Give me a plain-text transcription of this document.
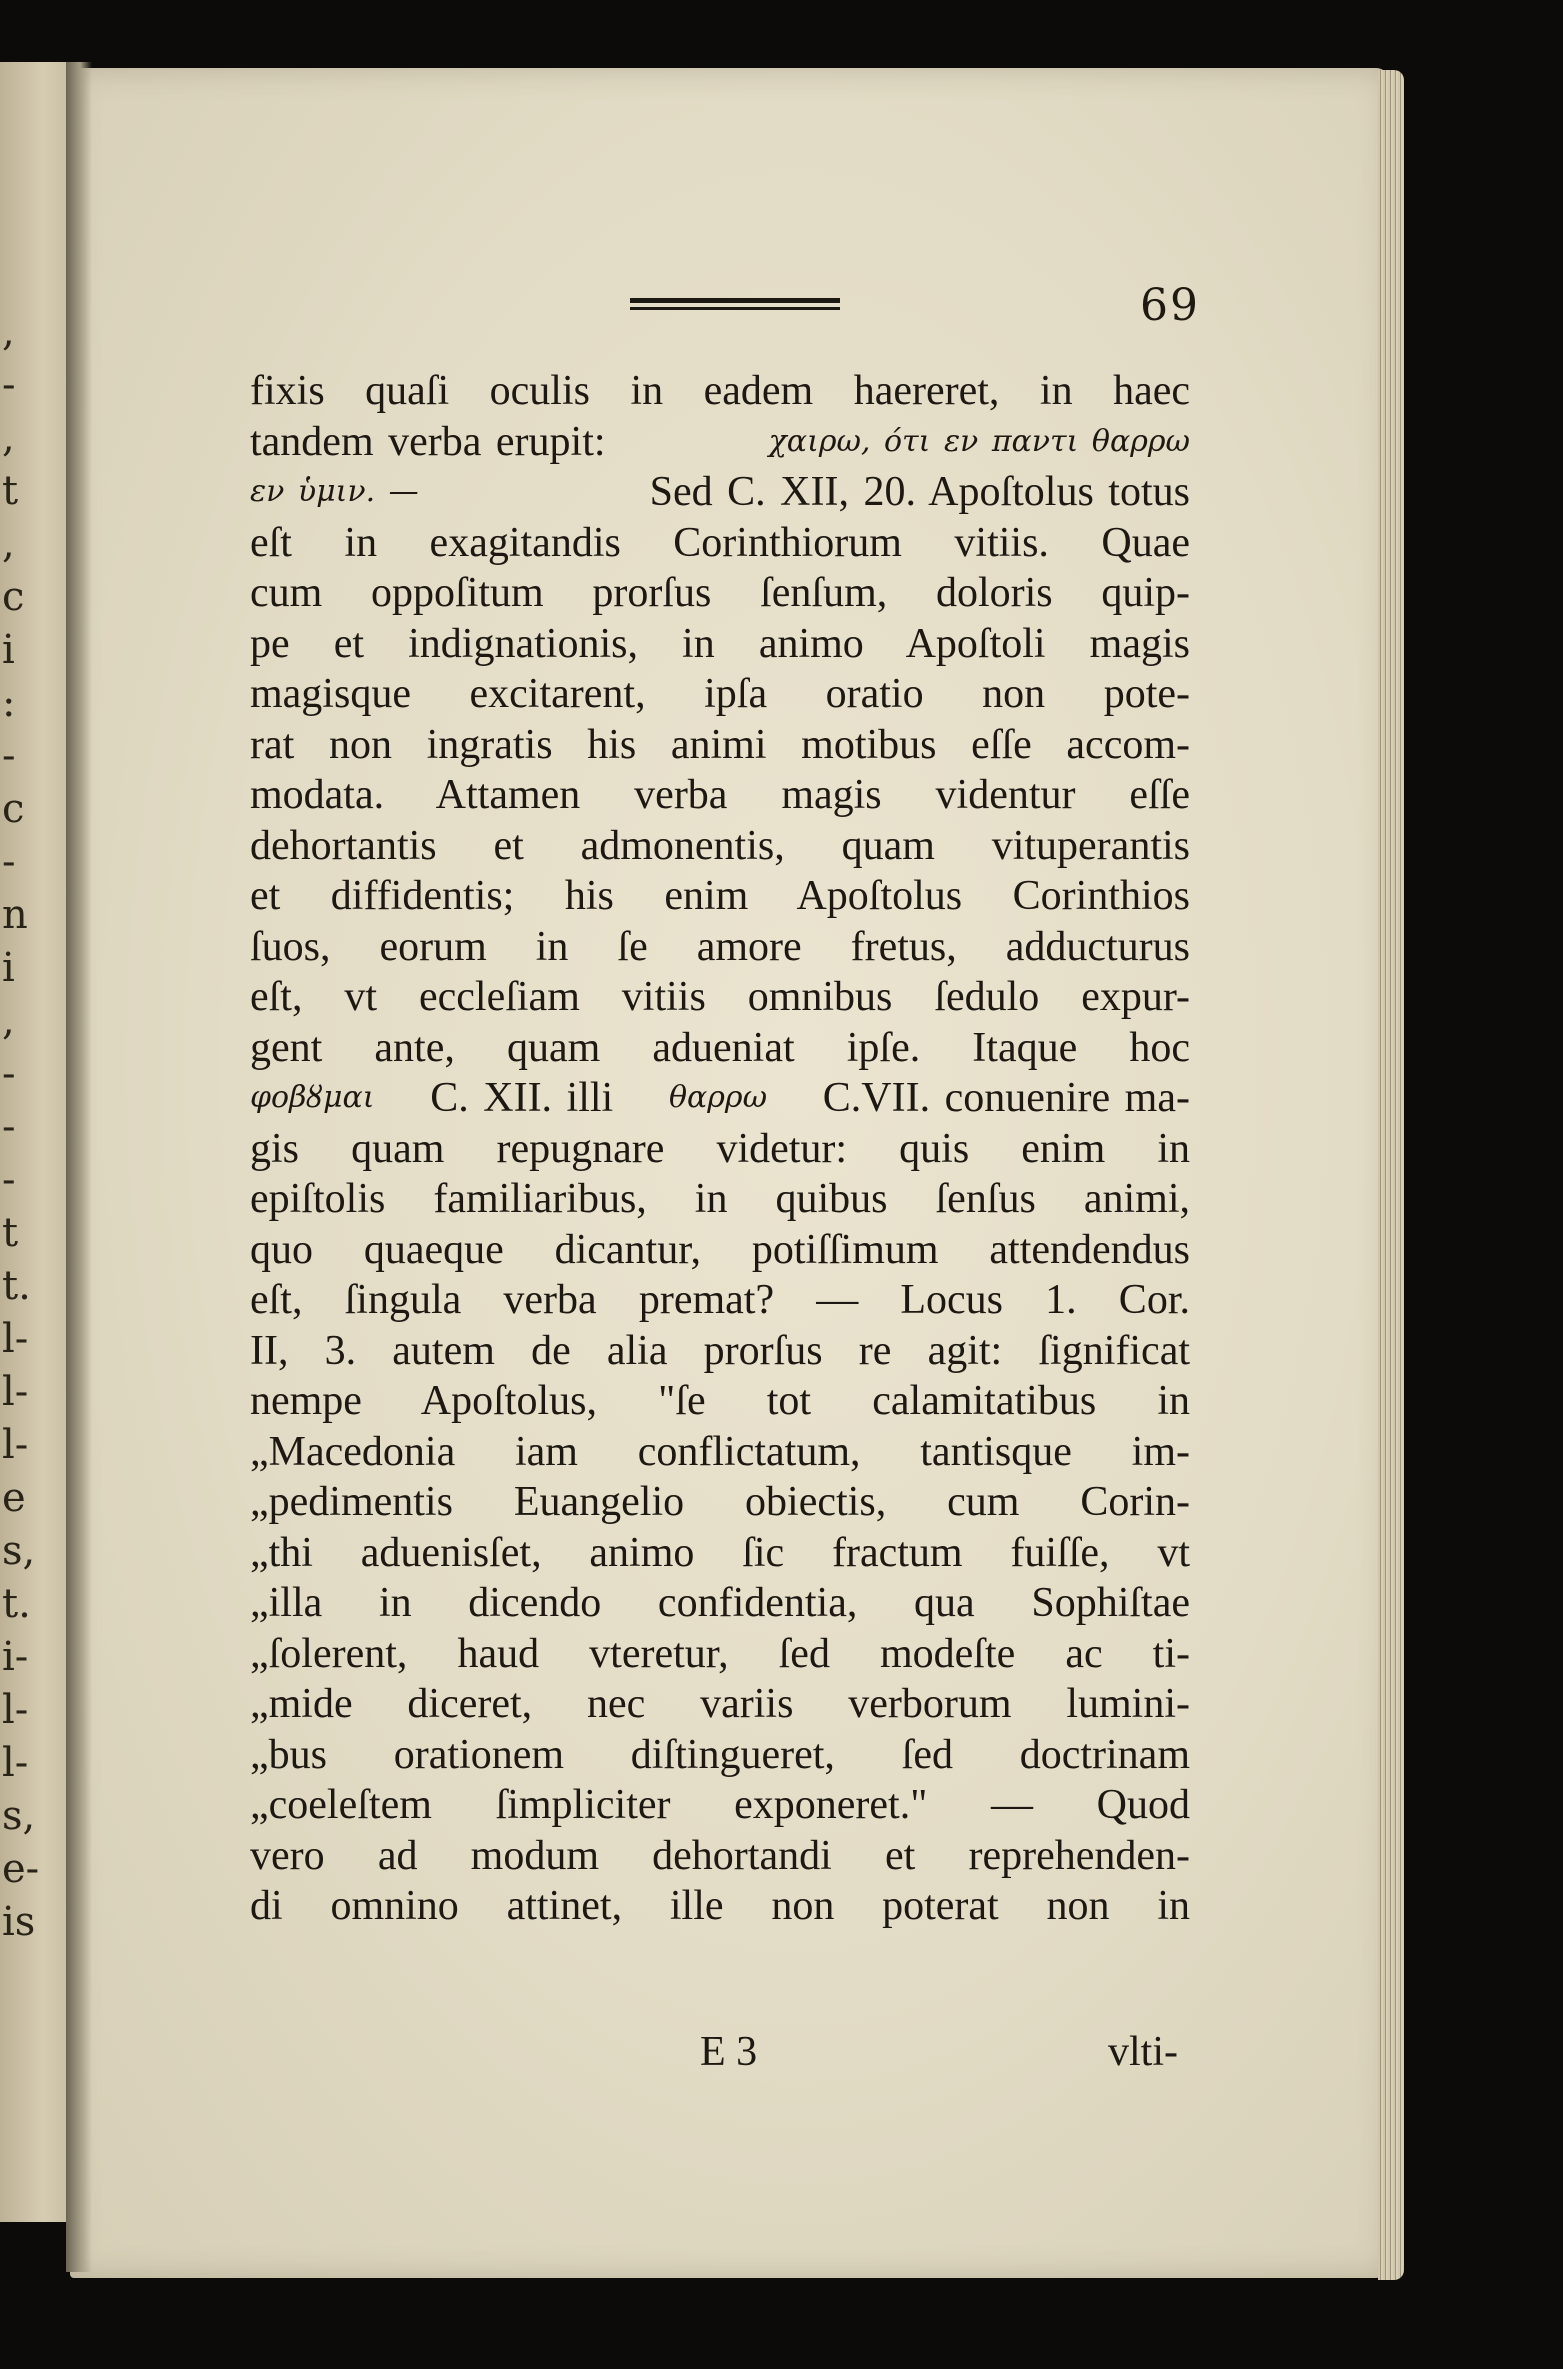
,
-
,
t
,
c
i
:
-
c
-
n
i
,
-
-
-
t
t.
l-
l-
l-
e
s,
t.
i-
l-
l-
s,
e-
is
69
fixis quaſi oculis in eadem haereret, in haec
tandem verba erupit:	χαιρω, ότι εν παντι θαρρω
εν ὑμιν. —	Sed C. XII, 20. Apoſtolus totus
eſt in exagitandis Corinthiorum vitiis. Quae
cum oppoſitum prorſus ſenſum, doloris quip-
pe et indignationis, in animo Apoſtoli magis
magisque excitarent, ipſa oratio non pote-
rat non ingratis his animi motibus eſſe accom-
modata. Attamen verba magis videntur eſſe
dehortantis et admonentis, quam vituperantis
et diffidentis; his enim Apoſtolus Corinthios
ſuos, eorum in ſe amore fretus, adducturus
eſt, vt eccleſiam vitiis omnibus ſedulo expur-
gent ante, quam adueniat ipſe. Itaque hoc
φοβȣμαι C. XII. illi θαρρω C.VII. conuenire ma-
gis quam repugnare videtur: quis enim in
epiſtolis familiaribus, in quibus ſenſus animi,
quo quaeque dicantur, potiſſimum attendendus
eſt, ſingula verba premat? — Locus 1. Cor.
II, 3. autem de alia prorſus re agit: ſignificat
nempe Apoſtolus, "ſe tot calamitatibus in
„Macedonia iam conflictatum, tantisque im-
„pedimentis Euangelio obiectis, cum Corin-
„thi aduenisſet, animo ſic fractum fuiſſe, vt
„illa in dicendo confidentia, qua Sophiſtae
„ſolerent, haud vteretur, ſed modeſte ac ti-
„mide diceret, nec variis verborum lumini-
„bus orationem diſtingueret, ſed doctrinam
„coeleſtem ſimpliciter exponeret." — Quod
vero ad modum dehortandi et reprehenden-
di omnino attinet, ille non poterat non in
E 3	vlti-
